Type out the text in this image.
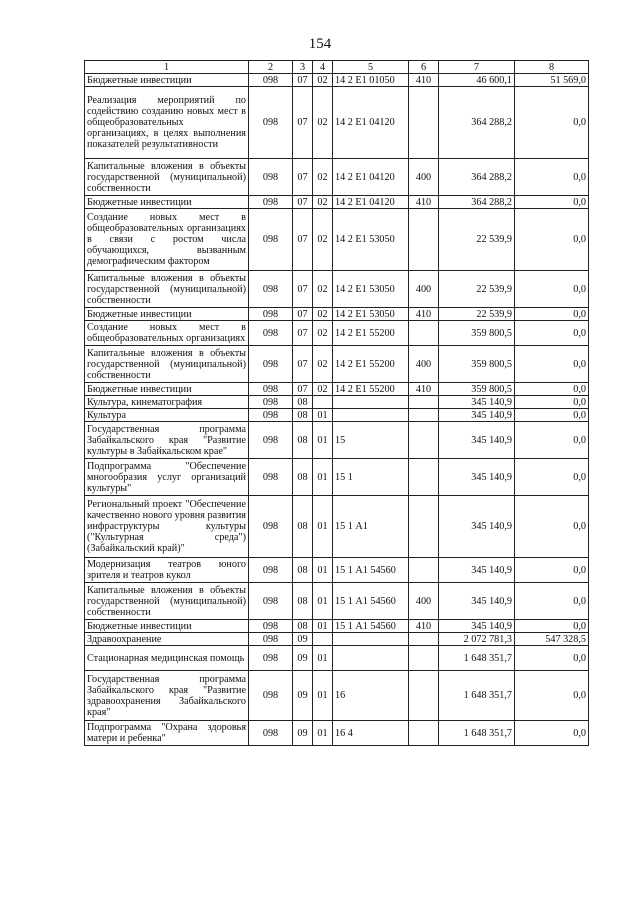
154
1	2	3	4	5	6	7	8
Бюджетные инвестиции	098	07	02	14 2 Е1 01050	410	46 600,1	51 569,0
Реализация мероприятий по содействию созданию новых мест в общеобразовательных организациях, в целях выполнения показателей результативности	098	07	02	14 2 Е1 04120		364 288,2	0,0
Капитальные вложения в объекты государственной (муниципальной) собственности	098	07	02	14 2 Е1 04120	400	364 288,2	0,0
Бюджетные инвестиции	098	07	02	14 2 Е1 04120	410	364 288,2	0,0
Создание новых мест в общеобразовательных организациях в связи с ростом числа обучающихся, вызванным демографическим фактором	098	07	02	14 2 Е1 53050		22 539,9	0,0
Капитальные вложения в объекты государственной (муниципальной) собственности	098	07	02	14 2 Е1 53050	400	22 539,9	0,0
Бюджетные инвестиции	098	07	02	14 2 Е1 53050	410	22 539,9	0,0
Создание новых мест в общеобразовательных организациях	098	07	02	14 2 Е1 55200		359 800,5	0,0
Капитальные вложения в объекты государственной (муниципальной) собственности	098	07	02	14 2 Е1 55200	400	359 800,5	0,0
Бюджетные инвестиции	098	07	02	14 2 Е1 55200	410	359 800,5	0,0
Культура, кинематография	098	08				345 140,9	0,0
Культура	098	08	01			345 140,9	0,0
Государственная программа Забайкальского края "Развитие культуры в Забайкальском крае"	098	08	01	15		345 140,9	0,0
Подпрограмма "Обеспечение многообразия услуг организаций культуры"	098	08	01	15 1		345 140,9	0,0
Региональный проект "Обеспечение качественно нового уровня развития инфраструктуры культуры ("Культурная среда") (Забайкальский край)"	098	08	01	15 1 А1		345 140,9	0,0
Модернизация театров юного зрителя и театров кукол	098	08	01	15 1 А1 54560		345 140,9	0,0
Капитальные вложения в объекты государственной (муниципальной) собственности	098	08	01	15 1 А1 54560	400	345 140,9	0,0
Бюджетные инвестиции	098	08	01	15 1 А1 54560	410	345 140,9	0,0
Здравоохранение	098	09				2 072 781,3	547 328,5
Стационарная медицинская помощь	098	09	01			1 648 351,7	0,0
Государственная программа Забайкальского края "Развитие здравоохранения Забайкальского края"	098	09	01	16		1 648 351,7	0,0
Подпрограмма "Охрана здоровья матери и ребенка"	098	09	01	16 4		1 648 351,7	0,0
